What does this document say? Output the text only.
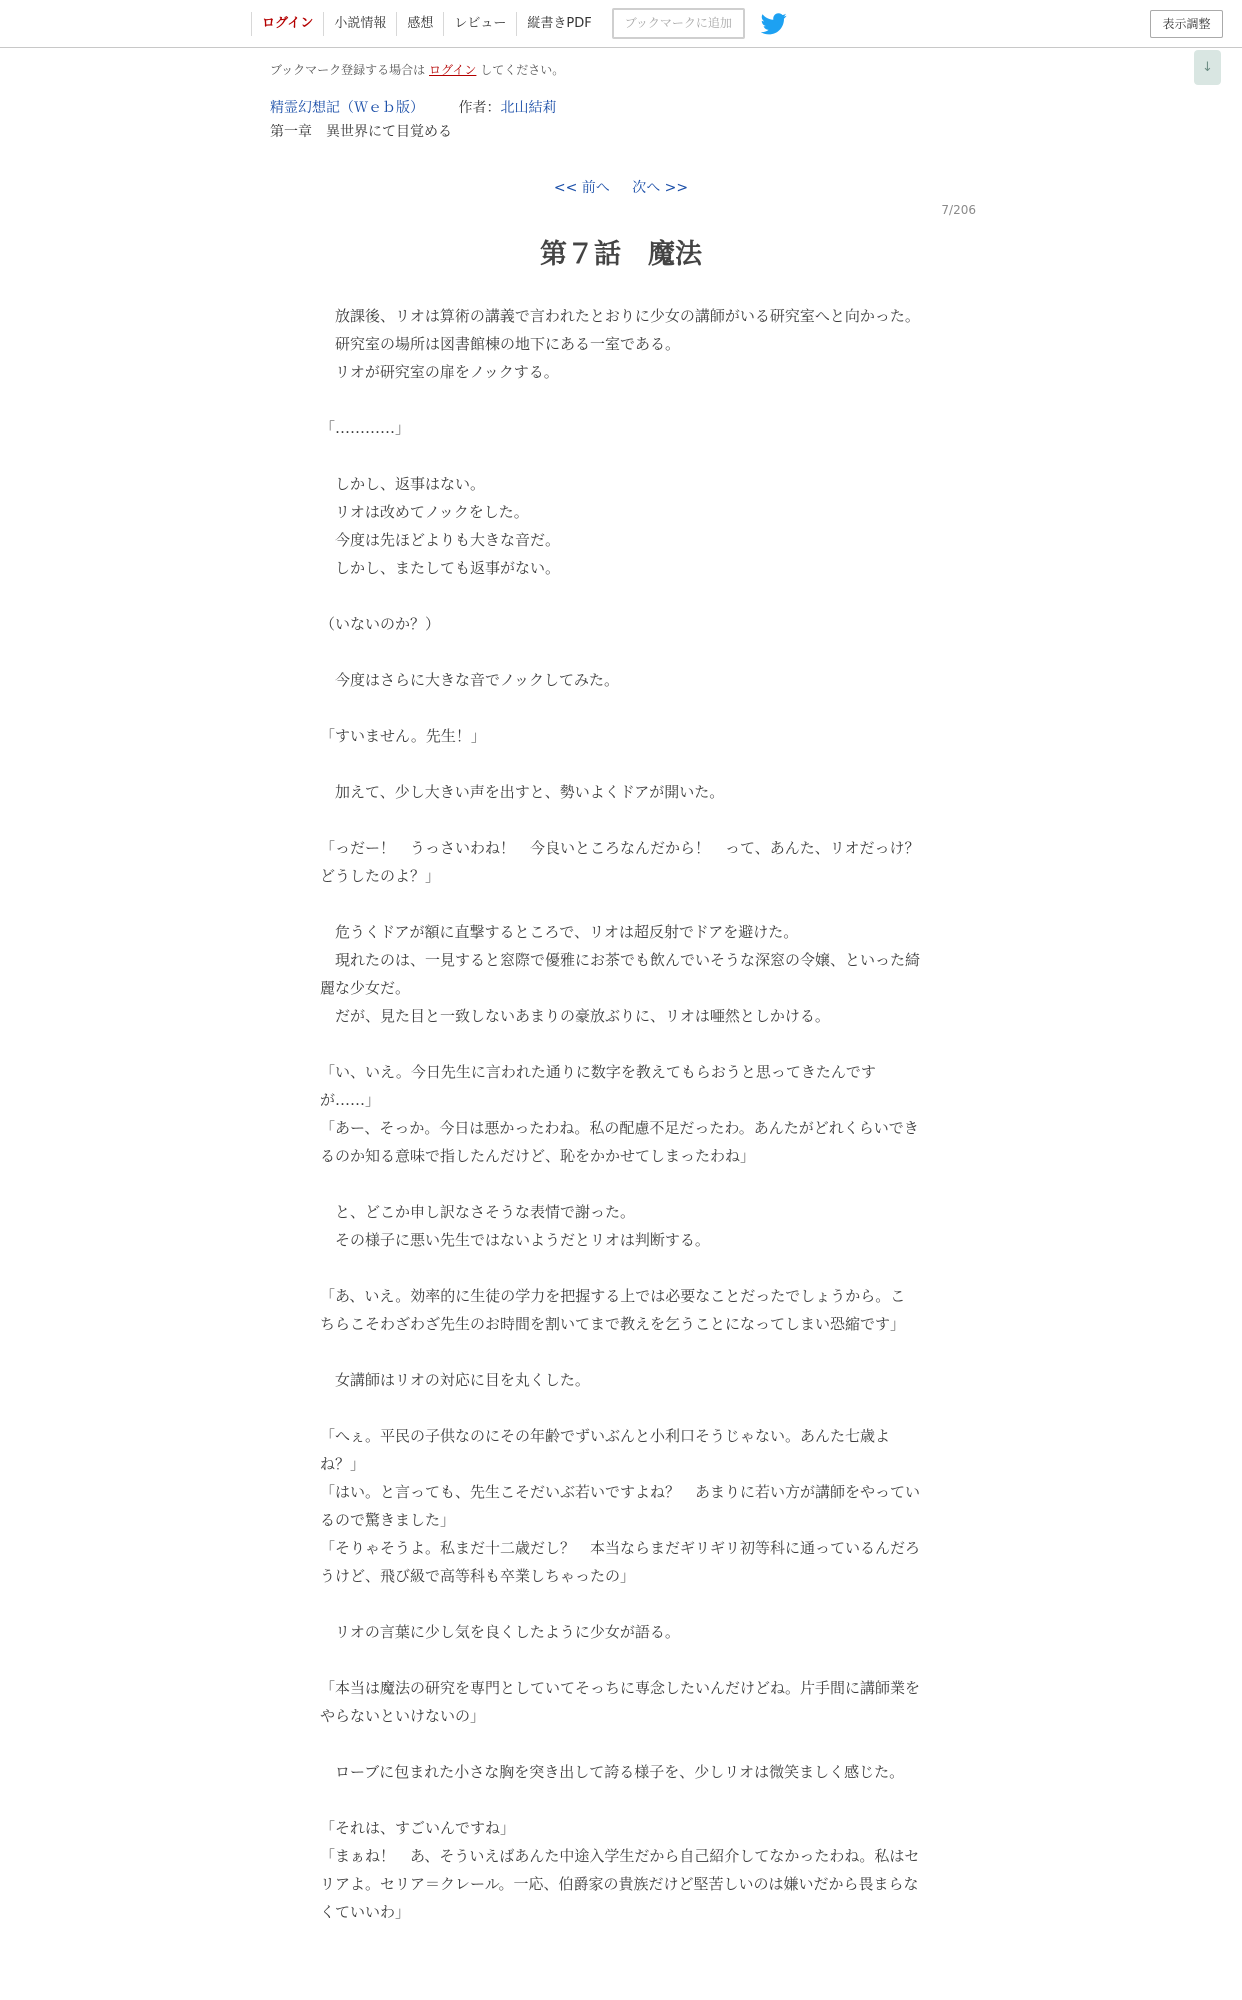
ログイン	小説情報	感想	レビュー	縦書きPDF	ブックマークに追加	表示調整
↓
ブックマーク登録する場合は ログイン してください。
精霊幻想記（Ｗｅｂ版） 作者：北山結莉
第一章　異世界にて目覚める
<< 前へ 次へ >>
7/206
第７話　魔法

　放課後、リオは算術の講義で言われたとおりに少女の講師がいる研究室へと向かった。

　研究室の場所は図書館棟の地下にある一室である。

　リオが研究室の扉をノックする。

「…………」

　しかし、返事はない。

　リオは改めてノックをした。

　今度は先ほどよりも大きな音だ。

　しかし、またしても返事がない。

（いないのか？）

　今度はさらに大きな音でノックしてみた。

「すいません。先生！」

　加えて、少し大きい声を出すと、勢いよくドアが開いた。

「っだー！　うっさいわね！　今良いところなんだから！　って、あんた、リオだっけ？　どうしたのよ？」

　危うくドアが額に直撃するところで、リオは超反射でドアを避けた。

　現れたのは、一見すると窓際で優雅にお茶でも飲んでいそうな深窓の令嬢、といった綺麗な少女だ。

　だが、見た目と一致しないあまりの豪放ぶりに、リオは唖然としかける。

「い、いえ。今日先生に言われた通りに数字を教えてもらおうと思ってきたんですが……」

「あー、そっか。今日は悪かったわね。私の配慮不足だったわ。あんたがどれくらいできるのか知る意味で指したんだけど、恥をかかせてしまったわね」

　と、どこか申し訳なさそうな表情で謝った。

　その様子に悪い先生ではないようだとリオは判断する。

「あ、いえ。効率的に生徒の学力を把握する上では必要なことだったでしょうから。こちらこそわざわざ先生のお時間を割いてまで教えを乞うことになってしまい恐縮です」

　女講師はリオの対応に目を丸くした。

「へぇ。平民の子供なのにその年齢でずいぶんと小利口そうじゃない。あんた七歳よね？」

「はい。と言っても、先生こそだいぶ若いですよね？　あまりに若い方が講師をやっているので驚きました」

「そりゃそうよ。私まだ十二歳だし？　本当ならまだギリギリ初等科に通っているんだろうけど、飛び級で高等科も卒業しちゃったの」

　リオの言葉に少し気を良くしたように少女が語る。

「本当は魔法の研究を専門としていてそっちに専念したいんだけどね。片手間に講師業をやらないといけないの」

　ローブに包まれた小さな胸を突き出して誇る様子を、少しリオは微笑ましく感じた。

「それは、すごいんですね」

「まぁね！　あ、そういえばあんた中途入学生だから自己紹介してなかったわね。私はセリアよ。セリア＝クレール。一応、伯爵家の貴族だけど堅苦しいのは嫌いだから畏まらなくていいわ」
